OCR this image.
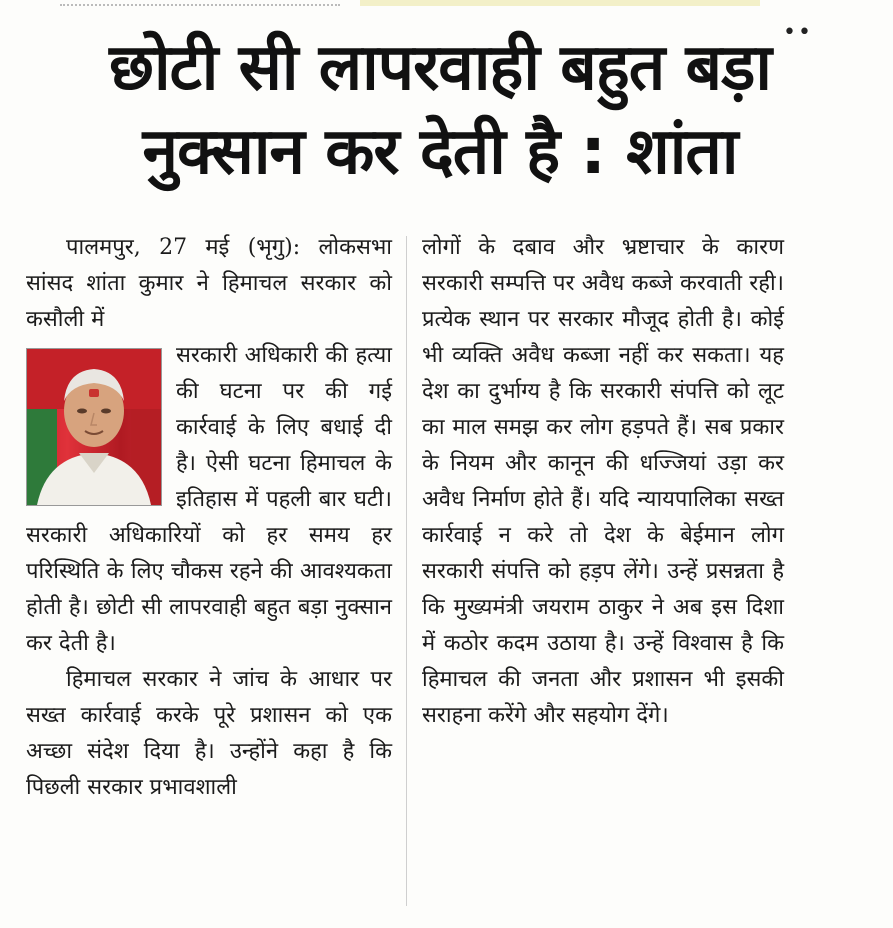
••
छोटी सी लापरवाही बहुत बड़ा
नुक्सान कर देती है : शांता

पालमपुर, 27 मई (भृगु): लोकसभा सांसद शांता कुमार ने हिमाचल सरकार को कसौली में

सरकारी अधिकारी की हत्या की घटना पर की गई कार्रवाई के लिए बधाई दी है। ऐसी घटना हिमाचल के इतिहास में पहली बार घटी। सरकारी अधिकारियों को हर समय हर परिस्थिति के लिए चौकस रहने की आवश्यकता होती है। छोटी सी लापरवाही बहुत बड़ा नुक्सान कर देती है।

हिमाचल सरकार ने जांच के आधार पर सख्त कार्रवाई करके पूरे प्रशासन को एक अच्छा संदेश दिया है। उन्होंने कहा है कि पिछली सरकार प्रभावशाली

लोगों के दबाव और भ्रष्टाचार के कारण सरकारी सम्पत्ति पर अवैध कब्जे करवाती रही। प्रत्येक स्थान पर सरकार मौजूद होती है। कोई भी व्यक्ति अवैध कब्जा नहीं कर सकता। यह देश का दुर्भाग्य है कि सरकारी संपत्ति को लूट का माल समझ कर लोग हड़पते हैं। सब प्रकार के नियम और कानून की धज्जियां उड़ा कर अवैध निर्माण होते हैं। यदि न्यायपालिका सख्त कार्रवाई न करे तो देश के बेईमान लोग सरकारी संपत्ति को हड़प लेंगे। उन्हें प्रसन्नता है कि मुख्यमंत्री जयराम ठाकुर ने अब इस दिशा में कठोर कदम उठाया है। उन्हें विश्वास है कि हिमाचल की जनता और प्रशासन भी इसकी सराहना करेंगे और सहयोग देंगे।
